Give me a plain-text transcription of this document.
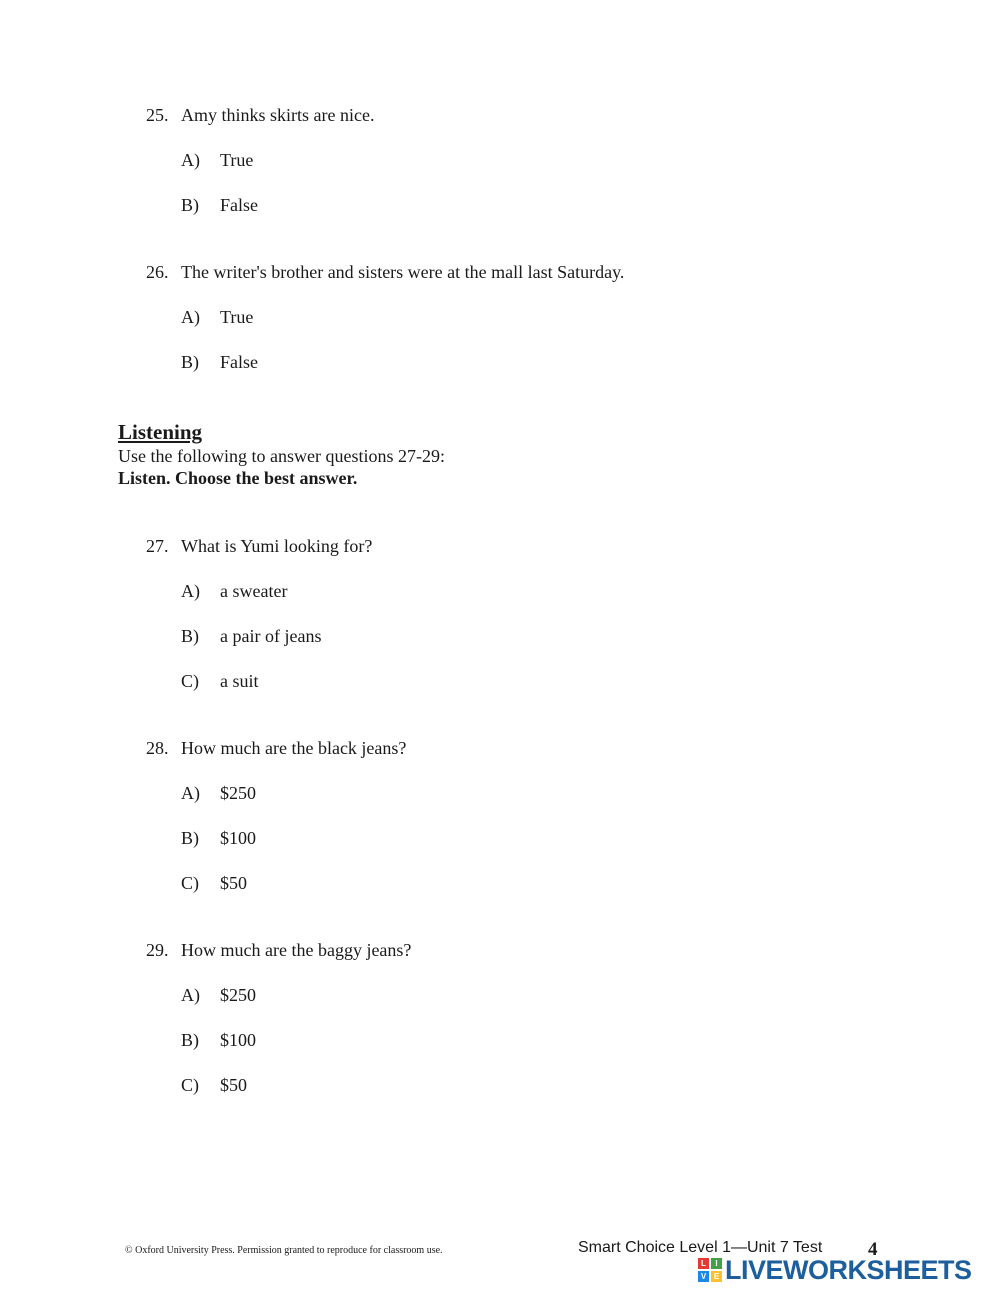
25. Amy thinks skirts are nice.
A) True
B) False
26. The writer's brother and sisters were at the mall last Saturday.
A) True
B) False
Listening
Use the following to answer questions 27-29:
Listen. Choose the best answer.
27. What is Yumi looking for?
A) a sweater
B) a pair of jeans
C) a suit
28. How much are the black jeans?
A) $250
B) $100
C) $50
29. How much are the baggy jeans?
A) $250
B) $100
C) $50
© Oxford University Press. Permission granted to reproduce for classroom use.	Smart Choice Level 1—Unit 7 Test 4
L	I
V E LIVEWORKSHEETS
